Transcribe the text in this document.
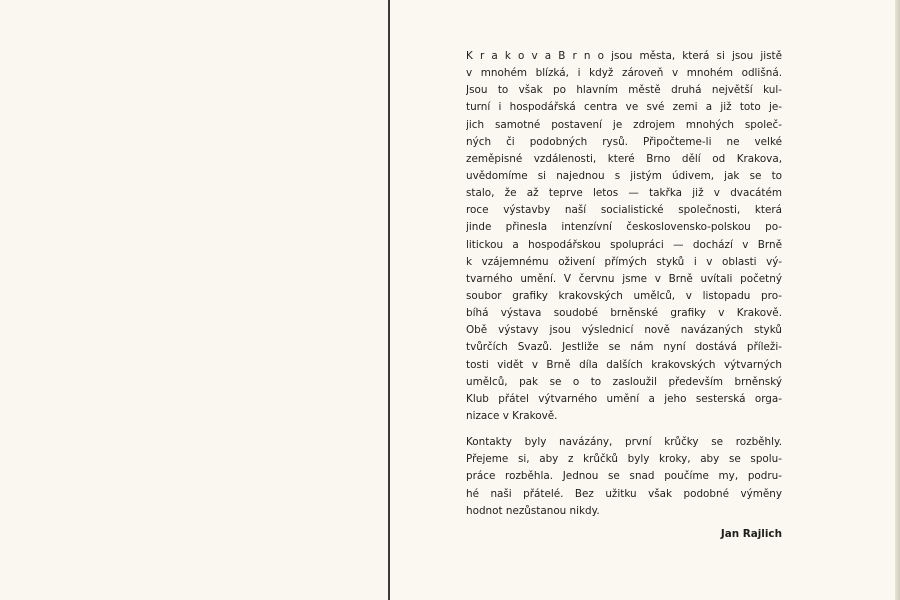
K r a k o v a B r n o jsou města, která si jsou jistě
v mnohém blízká, i když zároveň v mnohém odlišná.
Jsou to však po hlavním městě druhá největší kul-
turní i hospodářská centra ve své zemi a již toto je-
jich samotné postavení je zdrojem mnohých společ-
ných či podobných rysů. Připočteme-li ne velké
zeměpisné vzdálenosti, které Brno dělí od Krakova,
uvědomíme si najednou s jistým údivem, jak se to
stalo, že až teprve letos — takřka již v dvacátém
roce výstavby naší socialistické společnosti, která
jinde přinesla intenzívní československo-polskou po-
litickou a hospodářskou spolupráci — dochází v Brně
k vzájemnému oživení přímých styků i v oblasti vý-
tvarného umění. V červnu jsme v Brně uvítali početný
soubor grafiky krakovských umělců, v listopadu pro-
bíhá výstava soudobé brněnské grafiky v Krakově.
Obě výstavy jsou výslednicí nově navázaných styků
tvůrčích Svazů. Jestliže se nám nyní dostává příleži-
tosti vidět v Brně díla dalších krakovských výtvarných
umělců, pak se o to zasloužil především brněnský
Klub přátel výtvarného umění a jeho sesterská orga-
nizace v Krakově.
Kontakty byly navázány, první krůčky se rozběhly.
Přejeme si, aby z krůčků byly kroky, aby se spolu-
práce rozběhla. Jednou se snad poučíme my, podru-
hé naši přátelé. Bez užitku však podobné výměny
hodnot nezůstanou nikdy.
Jan Rajlich
